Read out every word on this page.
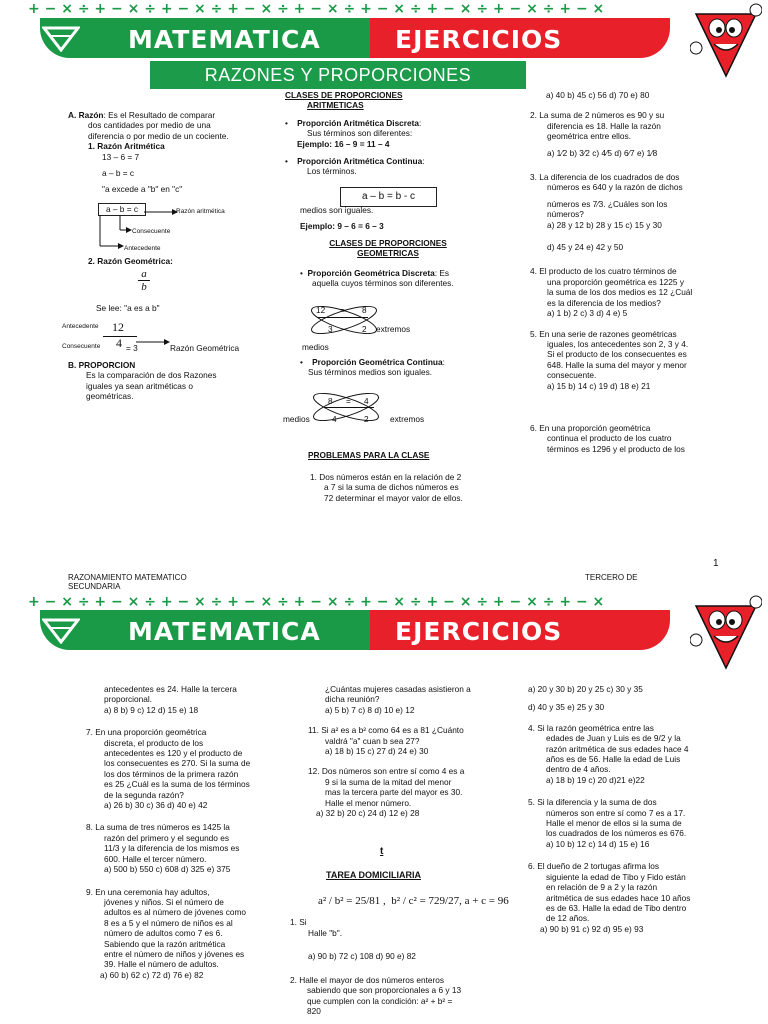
+ − × ÷ + − × ÷ + − × ÷ + − × ÷ + − × ÷ + − × ÷ + − × ÷ + − × ÷ + − ×
MATEMATICA	EJERCICIOS
RAZONES Y PROPORCIONES
A. Razón: Es el Resultado de comparar
dos cantidades por medio de una
diferencia o por medio de un cociente.
1. Razón Aritmética
13 – 6 = 7
a – b = c
"a excede a "b" en "c"
a – b = c	Razón aritmética
Consecuente
Antecedente
2. Razón Geométrica:
a
b
Se lee: "a es a b"
Antecedente
Consecuente
12
4 = 3	Razón Geométrica
B. PROPORCION
Es la comparación de dos Razones
iguales ya sean aritméticas o
geométricas.
CLASES DE PROPORCIONES
ARITMETICAS
•    Proporción Aritmética Discreta:
Sus términos son diferentes:
Ejemplo: 16 – 9 = 11 – 4
•    Proporción Aritmética Continua:
Los términos.
a – b = b - c
medios son iguales.
Ejemplo: 9 – 6 = 6 – 3
CLASES DE PROPORCIONES
GEOMETRICAS
•  Proporción Geométrica Discreta: Es
aquella cuyos términos son diferentes.
12 = 8
3	2 extremos
medios
•    Proporción Geométrica Continua:
Sus términos medios son iguales.
8 = 4
4	2
medios	extremos
PROBLEMAS PARA LA CLASE
1. Dos números están en la relación de 2
a 7 si la suma de dichos números es
72 determinar el mayor valor de ellos.
a) 40 b) 45 c) 56 d) 70 e) 80
2. La suma de 2 números es 90 y su
diferencia es 18. Halle la razón
geométrica entre ellos.
a) 1⁄2 b) 3⁄2 c) 4⁄5 d) 6⁄7 e) 1⁄8
3. La diferencia de los cuadrados de dos
números es 640 y la razón de dichos
números es 7⁄3. ¿Cuáles son los
números?
a) 28 y 12 b) 28 y 15 c) 15 y 30
d) 45 y 24 e) 42 y 50
4. El producto de los cuatro términos de
una proporción geométrica es 1225 y
la suma de los dos medios es 12 ¿Cuál
es la diferencia de los medios?
a) 1 b) 2 c) 3 d) 4 e) 5
5. En una serie de razones geométricas
iguales, los antecedentes son 2, 3 y 4.
Si el producto de los consecuentes es
648. Halle la suma del mayor y menor
consecuente.
a) 15 b) 14 c) 19 d) 18 e) 21
6. En una proporción geométrica
continua el producto de los cuatro
términos es 1296 y el producto de los
1
RAZONAMIENTO MATEMATICO
SECUNDARIA
TERCERO DE
+ − × ÷ + − × ÷ + − × ÷ + − × ÷ + − × ÷ + − × ÷ + − × ÷ + − × ÷ + − ×
MATEMATICA	EJERCICIOS
antecedentes es 24. Halle la tercera
proporcional.
a) 8 b) 9 c) 12 d) 15 e) 18
7. En una proporción geométrica
discreta, el producto de los
antecedentes es 120 y el producto de
los consecuentes es 270. Si la suma de
los dos términos de la primera razón
es 25 ¿Cuál es la suma de los términos
de la segunda razón?
a) 26 b) 30 c) 36 d) 40 e) 42
8. La suma de tres números es 1425 la
razón del primero y el segundo es
11/3 y la diferencia de los mismos es
600. Halle el tercer número.
a) 500 b) 550 c) 608 d) 325 e) 375
9. En una ceremonia hay adultos,
jóvenes y niños. Si el número de
adultos es al número de jóvenes como
8 es a 5 y el número de niños es al
número de adultos como 7 es 6.
Sabiendo que la razón aritmética
entre el número de niños y jóvenes es
39. Halle el número de adultos.
a) 60 b) 62 c) 72 d) 76 e) 82
¿Cuántas mujeres casadas asistieron a
dicha reunión?
a) 5 b) 7 c) 8 d) 10 e) 12
11. Si a² es a b² como 64 es a 81 ¿Cuánto
valdrá "a" cuan b sea 27?
a) 18 b) 15 c) 27 d) 24 e) 30
12. Dos números son entre sí como 4 es a
9 si la suma de la mitad del menor
mas la tercera parte del mayor es 30.
Halle el menor número.
a) 32 b) 20 c) 24 d) 12 e) 28
t
TAREA DOMICILIARIA
1. Si
a² / b² = 25/81 ,  b² / c² = 729/27, a + c = 96
Halle "b".
a) 90 b) 72 c) 108 d) 90 e) 82
2. Halle el mayor de dos números enteros
sabiendo que son proporcionales a 6 y 13
que cumplen con la condición: a² + b² =
820
a) 20 y 30 b) 20 y 25 c) 30 y 35
d) 40 y 35 e) 25 y 30
4. Si la razón geométrica entre las
edades de Juan y Luis es de 9/2 y la
razón aritmética de sus edades hace 4
años es de 56. Halle la edad de Luis
dentro de 4 años.
a) 18 b) 19 c) 20 d)21 e)22
5. Si la diferencia y la suma de dos
números son entre sí como 7 es a 17.
Halle el menor de ellos si la suma de
los cuadrados de los números es 676.
a) 10 b) 12 c) 14 d) 15 e) 16
6. El dueño de 2 tortugas afirma los
siguiente la edad de Tibo y Fido están
en relación de 9 a 2 y la razón
aritmética de sus edades hace 10 años
es de 63. Halle la edad de Tibo dentro
de 12 años.
a) 90 b) 91 c) 92 d) 95 e) 93
